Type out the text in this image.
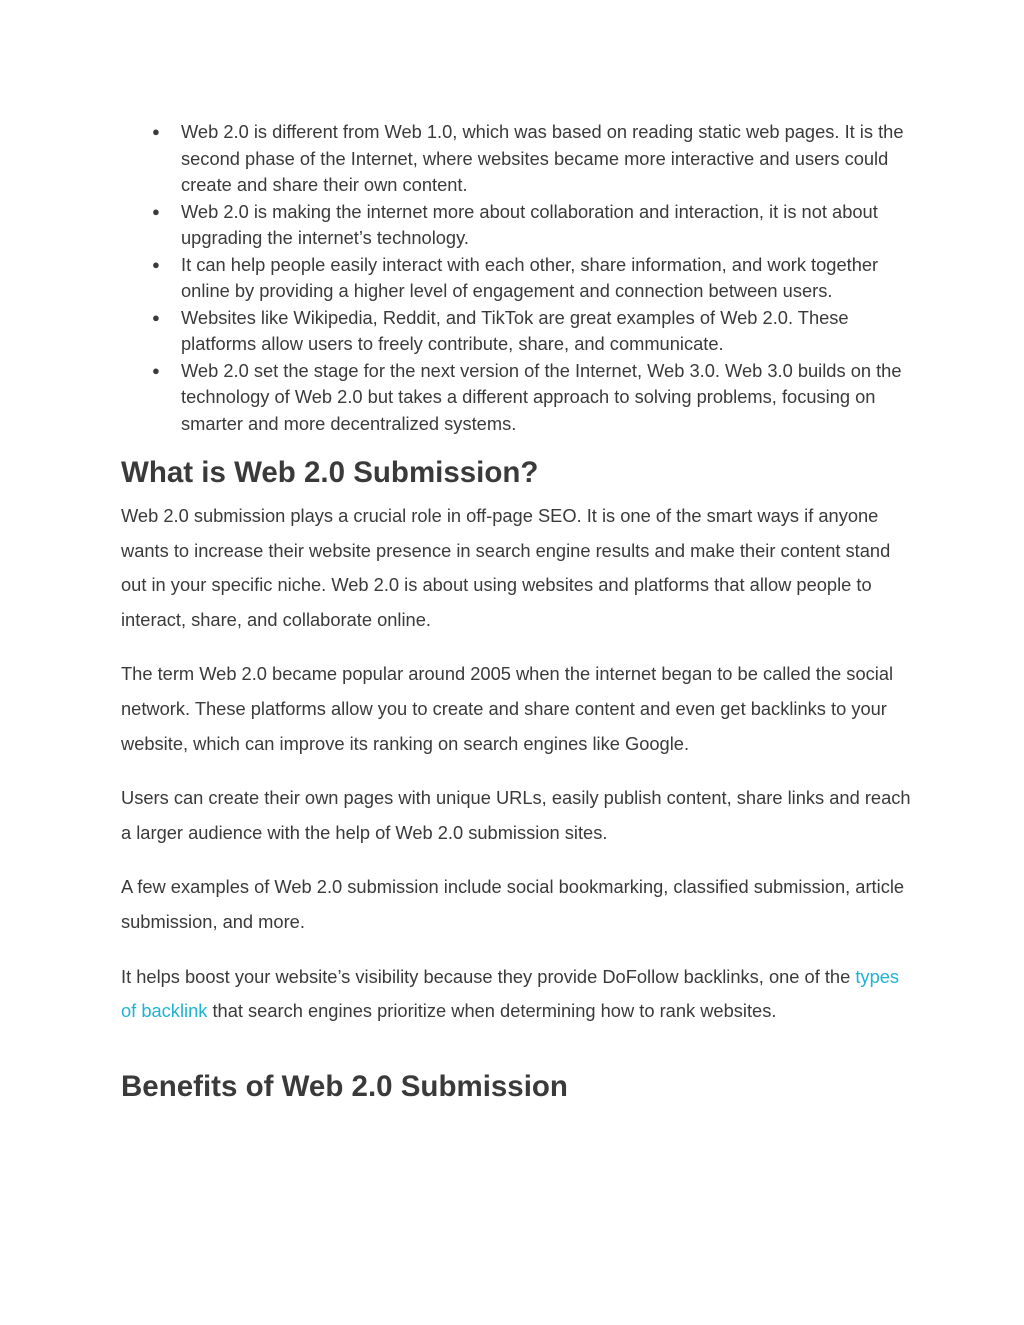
● Web 2.0 is different from Web 1.0, which was based on reading static web pages. It is the second phase of the Internet, where websites became more interactive and users could create and share their own content.
● Web 2.0 is making the internet more about collaboration and interaction, it is not about upgrading the internet’s technology.
● It can help people easily interact with each other, share information, and work together online by providing a higher level of engagement and connection between users.
● Websites like Wikipedia, Reddit, and TikTok are great examples of Web 2.0. These platforms allow users to freely contribute, share, and communicate.
● Web 2.0 set the stage for the next version of the Internet, Web 3.0. Web 3.0 builds on the technology of Web 2.0 but takes a different approach to solving problems, focusing on smarter and more decentralized systems.
What is Web 2.0 Submission?

Web 2.0 submission plays a crucial role in off-page SEO. It is one of the smart ways if anyone wants to increase their website presence in search engine results and make their content stand out in your specific niche. Web 2.0 is about using websites and platforms that allow people to interact, share, and collaborate online.

The term Web 2.0 became popular around 2005 when the internet began to be called the social network. These platforms allow you to create and share content and even get backlinks to your website, which can improve its ranking on search engines like Google.

Users can create their own pages with unique URLs, easily publish content, share links and reach a larger audience with the help of Web 2.0 submission sites.

A few examples of Web 2.0 submission include social bookmarking, classified submission, article submission, and more.

It helps boost your website’s visibility because they provide DoFollow backlinks, one of the types of backlink that search engines prioritize when determining how to rank websites.

Benefits of Web 2.0 Submission
